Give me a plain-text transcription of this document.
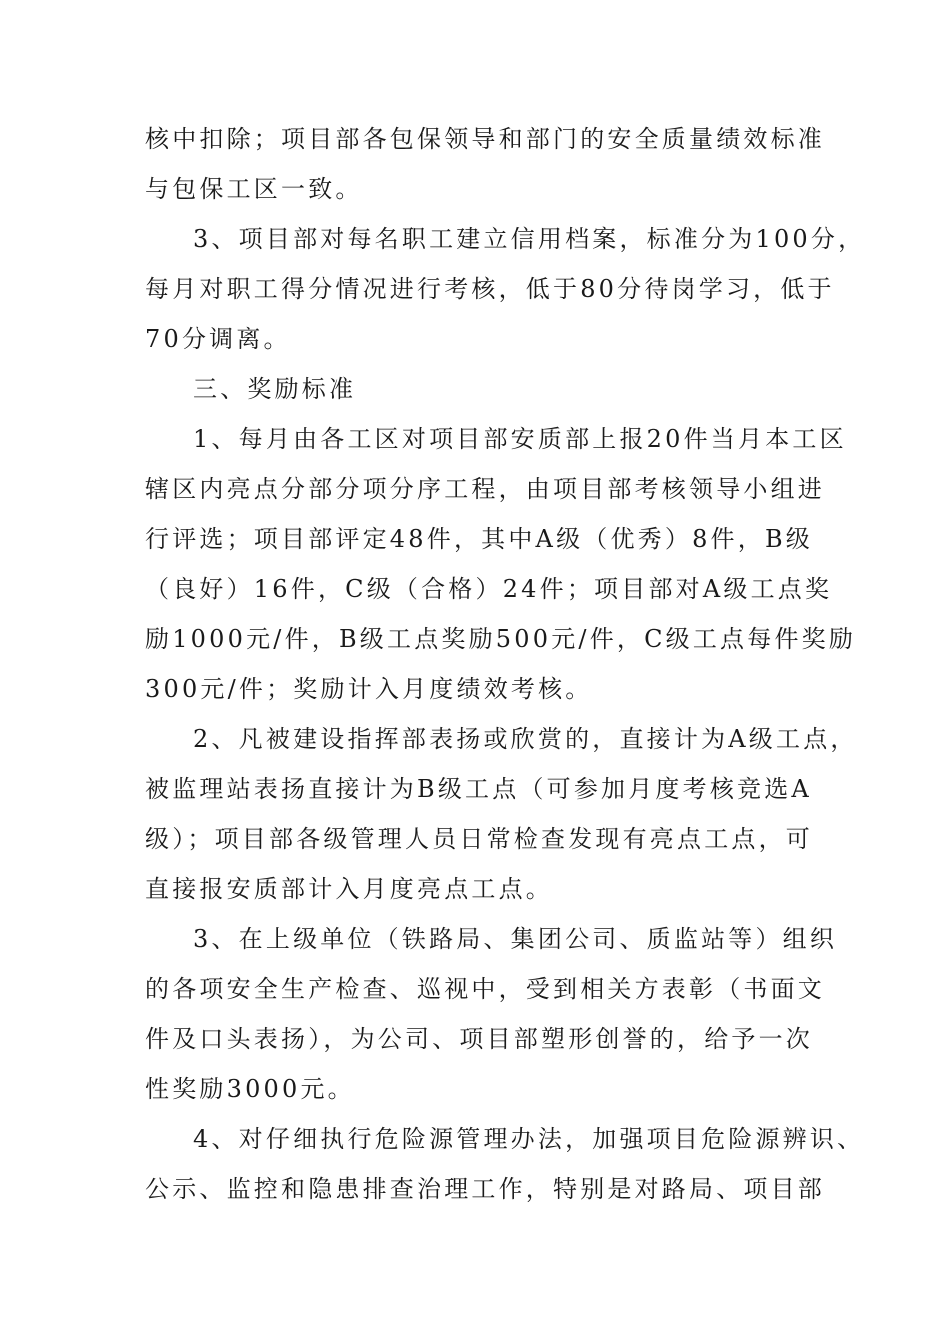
核中扣除；项目部各包保领导和部门的安全质量绩效标准
与包保工区一致。
3、项目部对每名职工建立信用档案，标准分为100分，
每月对职工得分情况进行考核，低于80分待岗学习，低于
70分调离。
三、奖励标准
1、每月由各工区对项目部安质部上报20件当月本工区
辖区内亮点分部分项分序工程，由项目部考核领导小组进
行评选；项目部评定48件，其中A级（优秀）8件，B级
（良好）16件，C级（合格）24件；项目部对A级工点奖
励1000元/件，B级工点奖励500元/件，C级工点每件奖励
300元/件；奖励计入月度绩效考核。
2、凡被建设指挥部表扬或欣赏的，直接计为A级工点，
被监理站表扬直接计为B级工点（可参加月度考核竞选A
级）；项目部各级管理人员日常检查发现有亮点工点，可
直接报安质部计入月度亮点工点。
3、在上级单位（铁路局、集团公司、质监站等）组织
的各项安全生产检查、巡视中，受到相关方表彰（书面文
件及口头表扬），为公司、项目部塑形创誉的，给予一次
性奖励3000元。
4、对仔细执行危险源管理办法，加强项目危险源辨识、
公示、监控和隐患排查治理工作，特别是对路局、项目部
